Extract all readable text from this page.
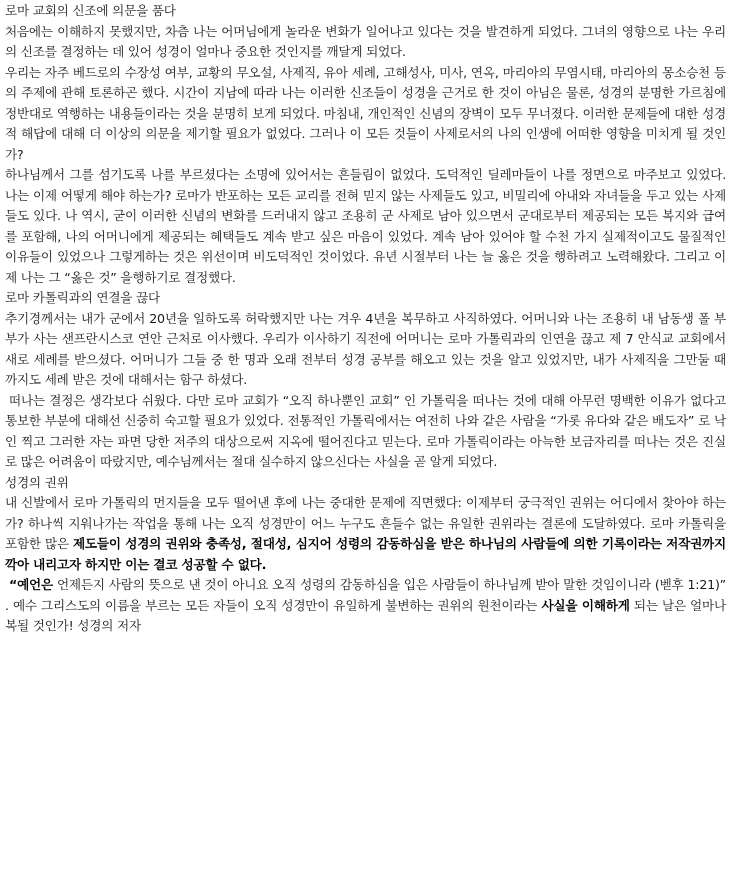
로마 교회의 신조에 의문을 품다

처음에는 이해하지 못했지만, 차츰 나는 어머님에게 놀라운 변화가 일어나고 있다는 것을 발견하게 되었다. 그녀의 영향으로 나는 우리의 신조를 결정하는 데 있어 성경이 얼마나 중요한 것인지를 깨달게 되었다.

우리는 자주 베드로의 수장성 여부, 교황의 무오설, 사제직, 유아 세례, 고해성사, 미사, 연옥, 마리아의 무염시태, 마리아의 몽소승천 등의 주제에 관해 토론하곤 했다. 시간이 지남에 따라 나는 이러한 신조들이 성경을 근거로 한 것이 아님은 물론, 성경의 분명한 가르침에 정반대로 역행하는 내용들이라는 것을 분명히 보게 되었다. 마침내, 개인적인 신념의 장벽이 모두 무너졌다. 이러한 문제들에 대한 성경적 해답에 대해 더 이상의 의문을 제기할 필요가 없었다. 그러나 이 모든 것들이 사제로서의 나의 인생에 어떠한 영향을 미치게 될 것인가?

하나님께서 그를 섬기도록 나를 부르셨다는 소명에 있어서는 흔들림이 없었다. 도덕적인 딜레마들이 나를 정면으로 마주보고 있었다. 나는 이제 어떻게 해야 하는가? 로마가 반포하는 모든 교리를 전혀 믿지 않는 사제들도 있고, 비밀리에 아내와 자녀들을 두고 있는 사제들도 있다. 나 역시, 굳이 이러한 신념의 변화를 드러내지 않고 조용히 군 사제로 남아 있으면서 군대로부터 제공되는 모든 복지와 급여를 포함해, 나의 어머니에게 제공되는 혜택들도 계속 받고 싶은 마음이 있었다. 계속 남아 있어야 할 수천 가지 실제적이고도 물질적인 이유들이 있었으나 그렇게하는 것은 위선이며 비도덕적인 것이었다. 유년 시절부터 나는 늘 옳은 것을 행하려고 노력해왔다. 그리고 이제 나는 그 “옳은 것” 을행하기로 결정했다.

로마 카톨릭과의 연결을 끊다

추기경께서는 내가 군에서 20년을 일하도록 허락했지만 나는 겨우 4년을 복무하고 사직하였다. 어머니와 나는 조용히 내 남동생 폴 부부가 사는 샌프란시스코 연안 근처로 이사했다. 우리가 이사하기 직전에 어머니는 로마 가톨릭과의 인연을 끊고 제 7 안식교 교회에서 새로 세례를 받으셨다. 어머니가 그들 중 한 명과 오래 전부터 성경 공부를 해오고 있는 것을 알고 있었지만, 내가 사제직을 그만둘 때 까지도 세례 받은 것에 대해서는 함구 하셨다.

떠나는 결정은 생각보다 쉬웠다. 다만 로마 교회가 “오직 하나뿐인 교회” 인 가톨릭을 떠나는 것에 대해 아무런 명백한 이유가 없다고 통보한 부분에 대해선 신중히 숙고할 필요가 있었다. 전통적인 가톨릭에서는 여전히 나와 같은 사람을 “가롯 유다와 같은 배도자” 로 낙인 찍고 그러한 자는 파면 당한 저주의 대상으로써 지옥에 떨어진다고 믿는다. 로마 가톨릭이라는 아늑한 보금자리를 떠나는 것은 진실로 많은 어려움이 따랐지만, 예수님께서는 절대 실수하지 않으신다는 사실을 곧 알게 되었다.

성경의 권위

내 신발에서 로마 가톨릭의 먼지들을 모두 떨어낸 후에 나는 중대한 문제에 직면했다: 이제부터 궁극적인 권위는 어디에서 찾아야 하는가? 하나씩 지워나가는 작업을 통해 나는 오직 성경만이 어느 누구도 흔들수 없는 유일한 권위라는 결론에 도달하였다. 로마 카톨릭을 포함한 많은 제도들이 성경의 권위와 충족성, 절대성, 심지어 성령의 감동하심을 받은 하나님의 사람들에 의한 기록이라는 저작권까지 깍아 내리고자 하지만 이는 결코 성공할 수 없다.

“예언은 언제든지 사람의 뜻으로 낸 것이 아니요 오직 성령의 감동하심을 입은 사람들이 하나님께 받아 말한 것임이니라 (벧후 1:21)” . 예수 그리스도의 이름을 부르는 모든 자들이 오직 성경만이 유일하게 불변하는 권위의 원천이라는 사실을 이해하게 되는 날은 얼마나 복될 것인가! 성경의 저자
